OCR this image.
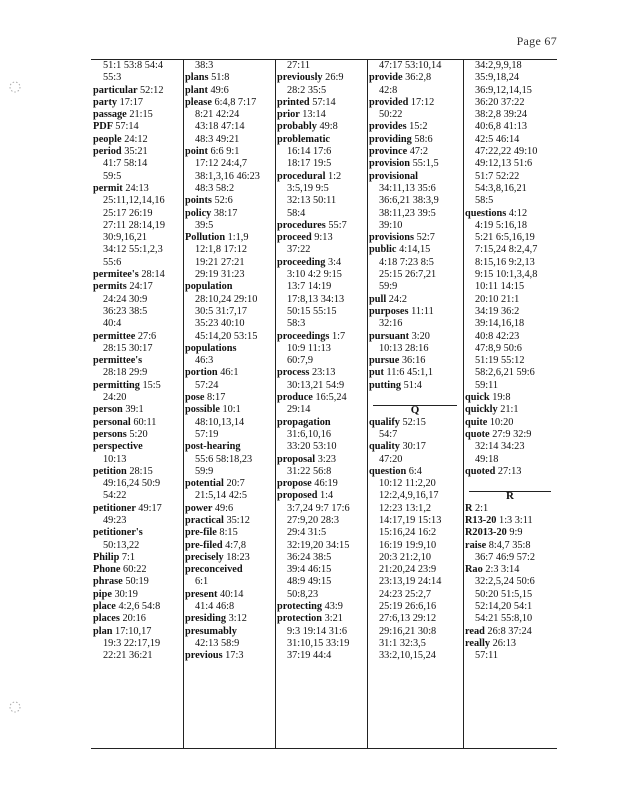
Page 67
51:1 53:8 54:4
55:3
particular 52:12
party 17:17
passage 21:15
PDF 57:14
people 24:12
period 35:21
41:7 58:14
59:5
permit 24:13
25:11,12,14,16
25:17 26:19
27:11 28:14,19
30:9,16,21
34:12 55:1,2,3
55:6
permitee's 28:14
permits 24:17
24:24 30:9
36:23 38:5
40:4
permittee 27:6
28:15 30:17
permittee's
28:18 29:9
permitting 15:5
24:20
person 39:1
personal 60:11
persons 5:20
perspective
10:13
petition 28:15
49:16,24 50:9
54:22
petitioner 49:17
49:23
petitioner's
50:13,22
Philip 7:1
Phone 60:22
phrase 50:19
pipe 30:19
place 4:2,6 54:8
places 20:16
plan 17:10,17
19:3 22:17,19
22:21 36:21
38:3
plans 51:8
plant 49:6
please 6:4,8 7:17
8:21 42:24
43:18 47:14
48:3 49:21
point 6:6 9:1
17:12 24:4,7
38:1,3,16 46:23
48:3 58:2
points 52:6
policy 38:17
39:5
Pollution 1:1,9
12:1,8 17:12
19:21 27:21
29:19 31:23
population
28:10,24 29:10
30:5 31:7,17
35:23 40:10
45:14,20 53:15
populations
46:3
portion 46:1
57:24
pose 8:17
possible 10:1
48:10,13,14
57:19
post-hearing
55:6 58:18,23
59:9
potential 20:7
21:5,14 42:5
power 49:6
practical 35:12
pre-file 8:15
pre-filed 4:7,8
precisely 18:23
preconceived
6:1
present 40:14
41:4 46:8
presiding 3:12
presumably
42:13 58:9
previous 17:3
27:11
previously 26:9
28:2 35:5
printed 57:14
prior 13:14
probably 49:8
problematic
16:14 17:6
18:17 19:5
procedural 1:2
3:5,19 9:5
32:13 50:11
58:4
procedures 55:7
proceed 9:13
37:22
proceeding 3:4
3:10 4:2 9:15
13:7 14:19
17:8,13 34:13
50:15 55:15
58:3
proceedings 1:7
10:9 11:13
60:7,9
process 23:13
30:13,21 54:9
produce 16:5,24
29:14
propagation
31:6,10,16
33:20 53:10
proposal 3:23
31:22 56:8
propose 46:19
proposed 1:4
3:7,24 9:7 17:6
27:9,20 28:3
29:4 31:5
32:19,20 34:15
36:24 38:5
39:4 46:15
48:9 49:15
50:8,23
protecting 43:9
protection 3:21
9:3 19:14 31:6
31:10,15 33:19
37:19 44:4
47:17 53:10,14
provide 36:2,8
42:8
provided 17:12
50:22
provides 15:2
providing 58:6
province 47:2
provision 55:1,5
provisional
34:11,13 35:6
36:6,21 38:3,9
38:11,23 39:5
39:10
provisions 52:7
public 4:14,15
4:18 7:23 8:5
25:15 26:7,21
59:9
pull 24:2
purposes 11:11
32:16
pursuant 3:20
10:13 28:16
pursue 36:16
put 11:6 45:1,1
putting 51:4
Q
qualify 52:15
54:7
quality 30:17
47:20
question 6:4
10:12 11:2,20
12:2,4,9,16,17
12:23 13:1,2
14:17,19 15:13
15:16,24 16:2
16:19 19:9,10
20:3 21:2,10
21:20,24 23:9
23:13,19 24:14
24:23 25:2,7
25:19 26:6,16
27:6,13 29:12
29:16,21 30:8
31:1 32:3,5
33:2,10,15,24
34:2,9,9,18
35:9,18,24
36:9,12,14,15
36:20 37:22
38:2,8 39:24
40:6,8 41:13
42:5 46:14
47:22,22 49:10
49:12,13 51:6
51:7 52:22
54:3,8,16,21
58:5
questions 4:12
4:19 5:16,18
5:21 6:5,16,19
7:15,24 8:2,4,7
8:15,16 9:2,13
9:15 10:1,3,4,8
10:11 14:15
20:10 21:1
34:19 36:2
39:14,16,18
40:8 42:23
47:8,9 50:6
51:19 55:12
58:2,6,21 59:6
59:11
quick 19:8
quickly 21:1
quite 10:20
quote 27:9 32:9
32:14 34:23
49:18
quoted 27:13
R
R 2:1
R13-20 1:3 3:11
R2013-20 9:9
raise 8:4,7 35:8
36:7 46:9 57:2
Rao 2:3 3:14
32:2,5,24 50:6
50:20 51:5,15
52:14,20 54:1
54:21 55:8,10
read 26:8 37:24
really 26:13
57:11
